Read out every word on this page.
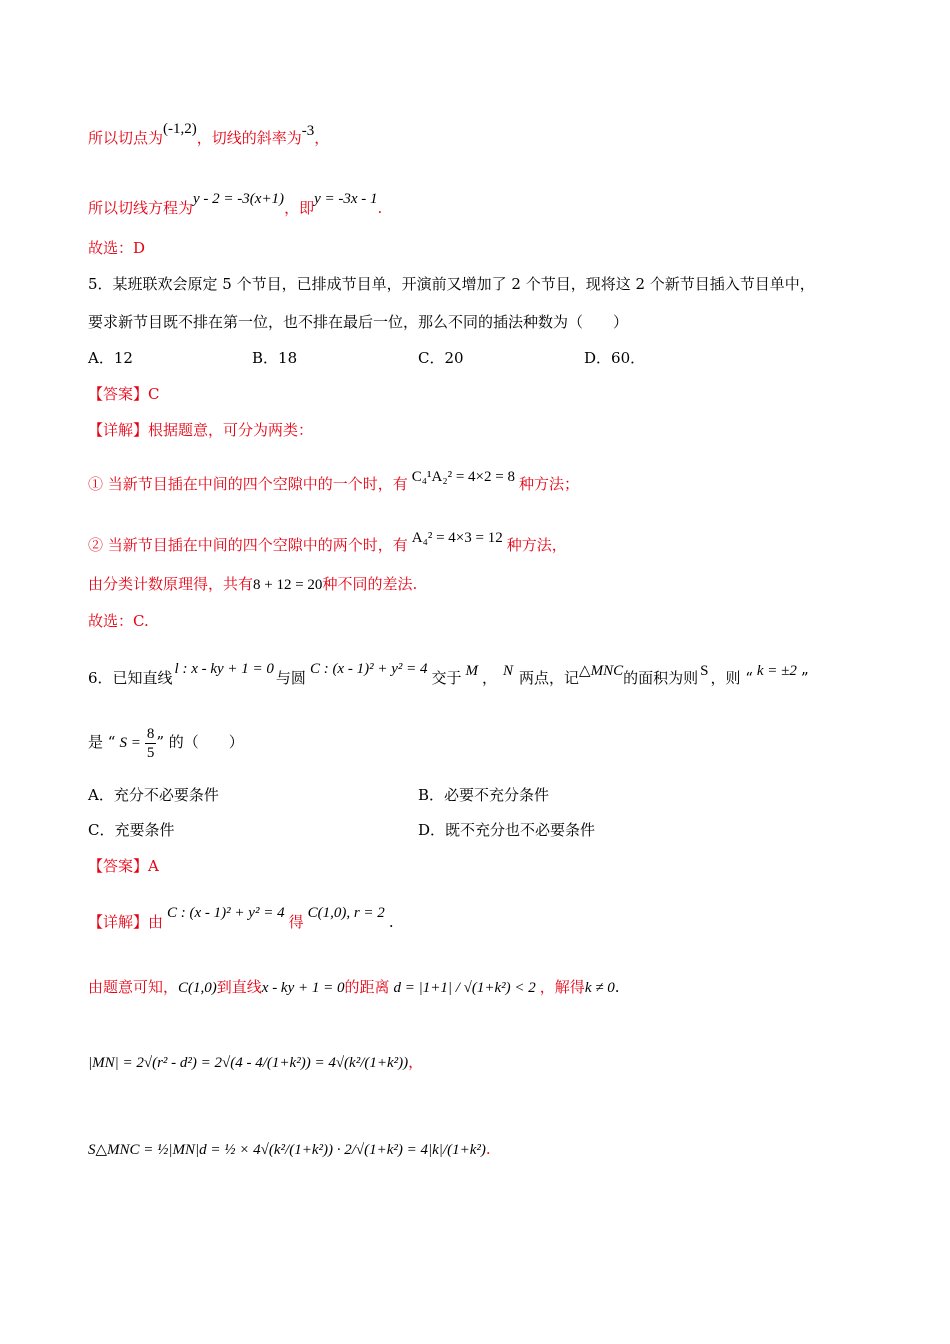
所以切点为(-1,2)，切线的斜率为-3，
所以切线方程为y - 2 = -3(x+1)，即y = -3x - 1.
故选：D
5．某班联欢会原定 5 个节目，已排成节目单，开演前又增加了 2 个节目，现将这 2 个新节目插入节目单中，
要求新节目既不排在第一位，也不排在最后一位，那么不同的插法种数为（　　）
A．12	B．18	C．20	D．60．
【答案】C
【详解】根据题意，可分为两类：
① 当新节目插在中间的四个空隙中的一个时，有 C₄¹A₂² = 4×2 = 8 种方法；
② 当新节目插在中间的四个空隙中的两个时，有 A₄² = 4×3 = 12 种方法，
由分类计数原理得，共有8 + 12 = 20种不同的差法.
故选：C.
6．已知直线 l : x - ky + 1 = 0 与圆 C : (x - 1)² + y² = 4 交于 M ， N 两点，记△MNC的面积为则 S ，则 “ k = ±2 ”
是 “ $S = \frac{8}{5}$ ” 的（　　）
A．充分不必要条件	B．必要不充分条件
C．充要条件	D．既不充分也不必要条件
【答案】A
【详解】由 C : (x - 1)² + y² = 4 得 C(1,0), r = 2 .
由题意可知，C(1,0)到直线x - ky + 1 = 0的距离 d = |1+1| / √(1+k²) < 2 ，解得k ≠ 0.
|MN| = 2√(r² - d²) = 2√(4 - 4/(1+k²)) = 4√(k²/(1+k²))，
S△MNC = ½|MN|d = ½ × 4√(k²/(1+k²)) · 2/√(1+k²) = 4|k|/(1+k²).
